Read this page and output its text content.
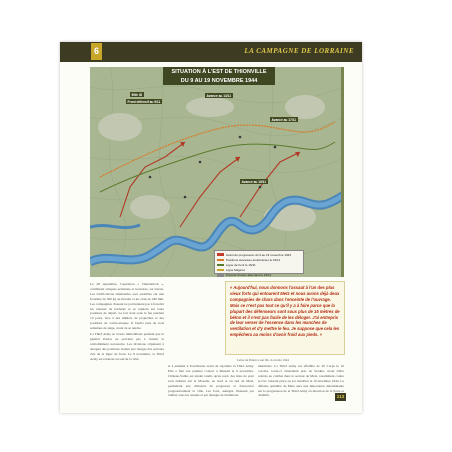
6	LA CAMPAGNE DE LORRAINE
SITUATION À L'EST DE THIONVILLE
DU 9 AU 19 NOVEMBRE 1944
90th ID
Front défensif au 9/11
Avance au 13/11
Avance au 17/11
Avance au 19/11
Avant de progression du 9 au 19 novembre 1944
Positions avancées américaines le 19/11
Ligne de front le 19/11
Ligne Maginot
Premier Ponton allemand le 19/11

Le 28 septembre, l'opération « Thunderbolt », combinant attaques aériennes et terrestres, est lancée. Les fortifications allemandes sont assaillies sur une frontière de 300 kg au mortier et les obus de 240 mm. Les compagnies d'assaut ne parviennent pas à franchir les réseaux de barbelés et se replient sur leurs positions de départ. Le fort tient sous le feu pendant 10 jours, face à des milliers de projectiles et des positions de contre-attaque. Il faudra plus de trois semaines de siège, avant de se rendre.

La Third Army se trouve immobilisée pendant que le général Patton ne parvient pas à obtenir le ravitaillement nécessaire. Les divisions s'épuisent à attaquer des positions isolées aux marges des secteurs clés de la ligne de front. Le 8 novembre, la Third Army est relancée au sud de la ville.

« Aujourd'hui, nous donnons l'assaut à l'un des plus vieux forts qui entourent Metz et nous avons déjà deux compagnies de chars dans l'enceinte de l'ouvrage. Mais ce n'est pas tout ce qu'il y a à faire parce que la plupart des défenseurs sont sous plus de 15 mètres de béton et il n'est pas facile de les déloger. J'ai entrepris de leur verser de l'essence dans les manches de ventilation et d'y mettre le feu. Je suppose que cela les empêchera au moins d'avoir froid aux pieds. »
Lettre de Patton à son fils, 4 octobre 1944

et à entamer à Tourtbonne avant de rejoindre la Third Army. Elle a fixé son premier contact à Manom le 9 novembre. Château-Salins est atteint tandis qu'au nord, des têtes de pont sont établies sur la Moselle, au nord et au sud de Metz, permettant aux divisions de progresser et d'encercler progressivement la ville. Les forts, assiégés, finissent par tomber sous les assauts et par manque de munitions.

munitions. La Third Army est affaiblie de 29 Corps le 10 octobre. Ceux-ci s'installent près de Verdun, avant d'être relevés au combat dans le secteur de Metz, notamment contre le fort, laissant place au 1er bataillon le 10 décembre 1944. La défense opiniâtre de Metz aura une importance déterminante sur la progression de la Third Army en direction de la Sarre et du Rhin.	113
